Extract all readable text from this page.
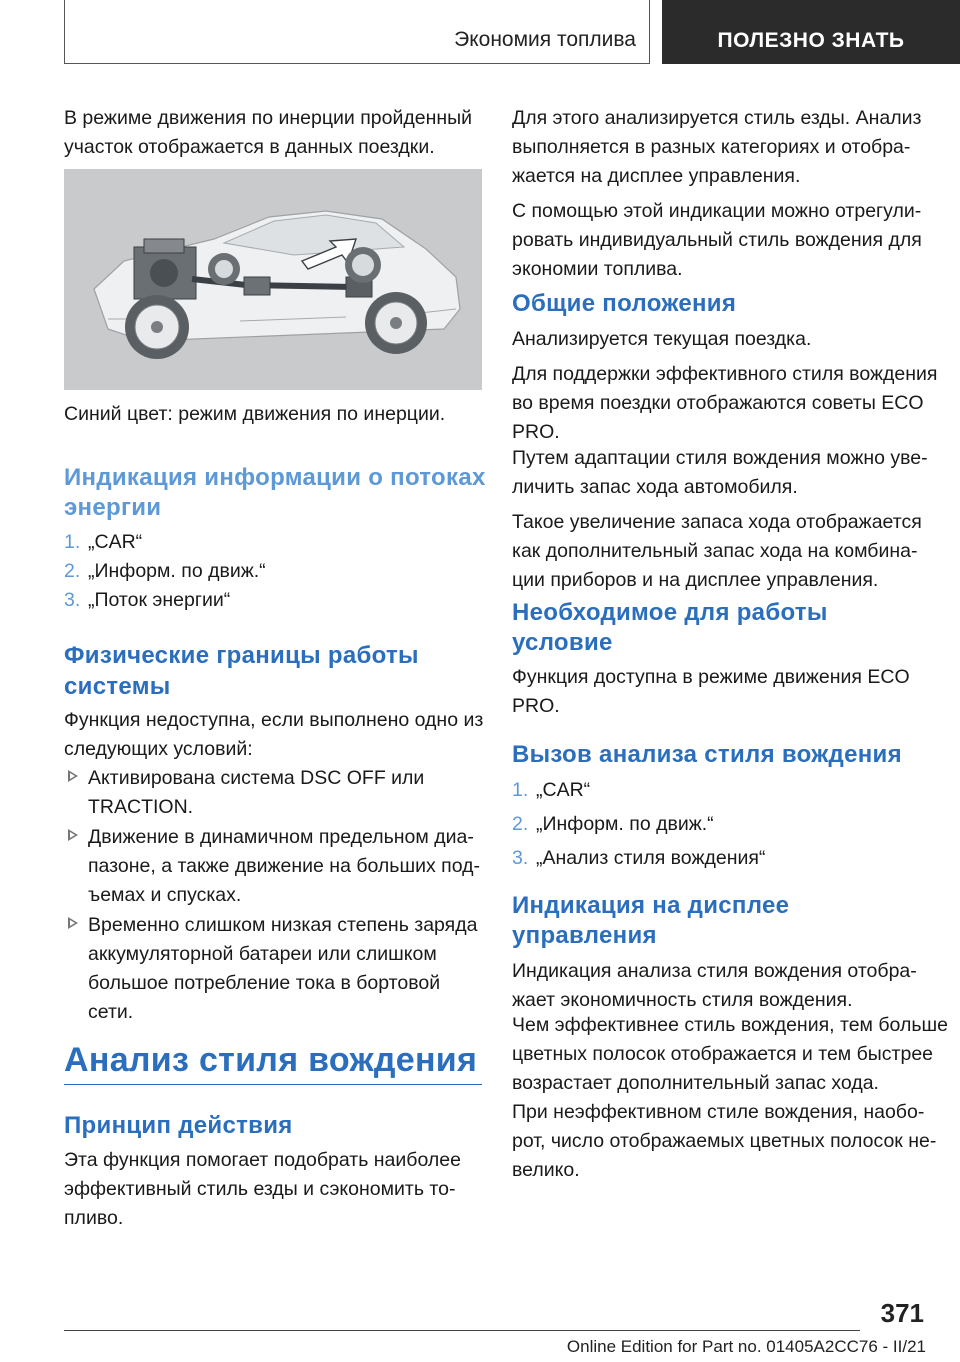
Экономия топлива	ПОЛЕЗНО ЗНАТЬ
В режиме движения по инерции пройденный
участок отображается в данных поездки.
Синий цвет: режим движения по инерции.
Индикация информации о потоках
энергии
1. „CAR“
2. „Информ. по движ.“
3. „Поток энергии“
Физические границы работы
системы
Функция недоступна, если выполнено одно из
следующих условий:
Активирована система DSC OFF или
TRACTION.
Движение в динамичном предельном диа‐
пазоне, а также движение на больших под‐
ъемах и спусках.
Временно слишком низкая степень заряда
аккумуляторной батареи или слишком
большое потребление тока в бортовой
сети.
Анализ стиля вождения
Принцип действия
Эта функция помогает подобрать наиболее
эффективный стиль езды и сэкономить то‐
пливо.
Для этого анализируется стиль езды. Анализ
выполняется в разных категориях и отобра‐
жается на дисплее управления.
С помощью этой индикации можно отрегули‐
ровать индивидуальный стиль вождения для
экономии топлива.
Общие положения
Анализируется текущая поездка.
Для поддержки эффективного стиля вождения
во время поездки отображаются советы ECO
PRO.
Путем адаптации стиля вождения можно уве‐
личить запас хода автомобиля.
Такое увеличение запаса хода отображается
как дополнительный запас хода на комбина‐
ции приборов и на дисплее управления.
Необходимое для работы
условие
Функция доступна в режиме движения ECO
PRO.
Вызов анализа стиля вождения
1. „CAR“
2. „Информ. по движ.“
3. „Анализ стиля вождения“
Индикация на дисплее
управления
Индикация анализа стиля вождения отобра‐
жает экономичность стиля вождения.
Чем эффективнее стиль вождения, тем больше
цветных полосок отображается и тем быстрее
возрастает дополнительный запас хода.
При неэффективном стиле вождения, наобо‐
рот, число отображаемых цветных полосок не‐
велико.
371
Online Edition for Part no. 01405A2CC76 - II/21
